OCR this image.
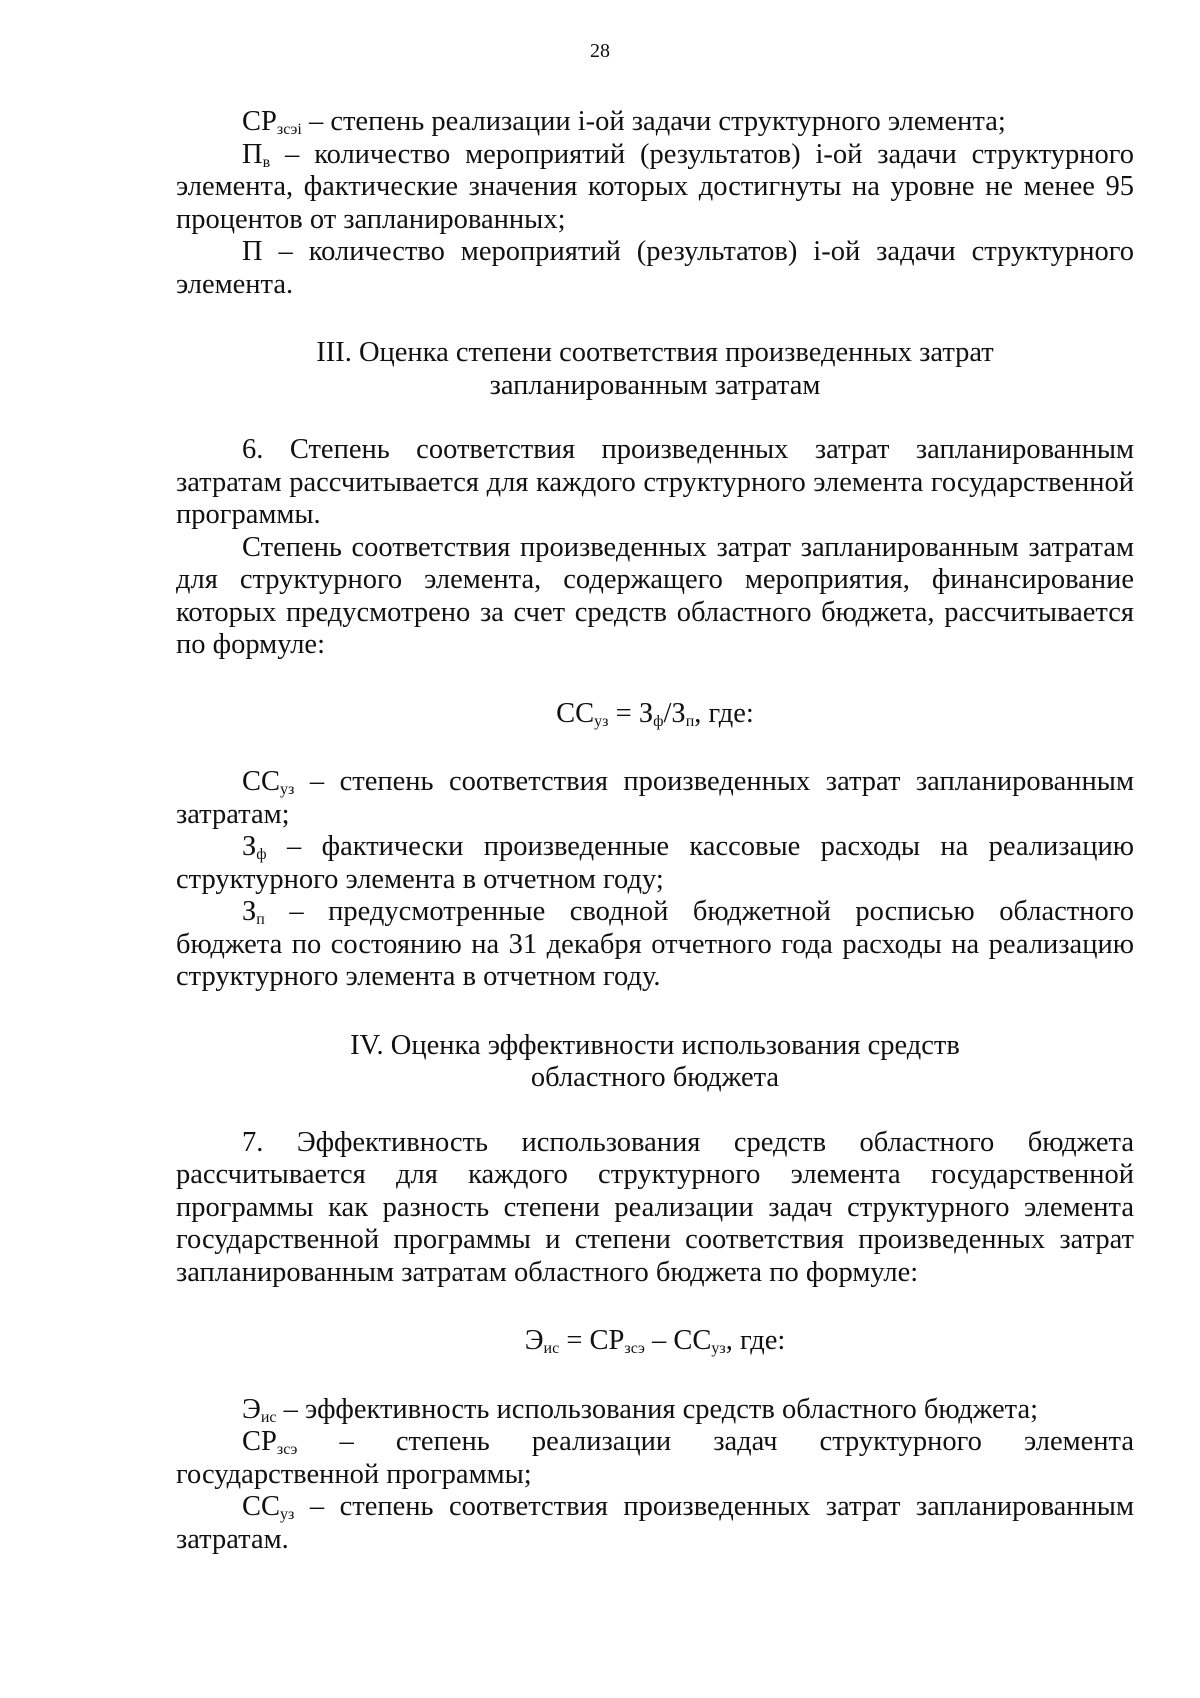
28

$СР_{зсэi}$ – степень реализации i-ой задачи структурного элемента;

$П_в$ – количество мероприятий (результатов) i-ой задачи структурного элемента, фактические значения которых достигнуты на уровне не менее 95 процентов от запланированных;

П – количество мероприятий (результатов) i-ой задачи структурного элемента.

III. Оценка степени соответствия произведенных затрат
запланированным затратам

6. Степень соответствия произведенных затрат запланированным затратам рассчитывается для каждого структурного элемента государственной программы.

Степень соответствия произведенных затрат запланированным затратам для структурного элемента, содержащего мероприятия, финансирование которых предусмотрено за счет средств областного бюджета, рассчитывается по формуле:

$СС_{уз} = З_ф/З_п$, где:

$СС_{уз}$ – степень соответствия произведенных затрат запланированным затратам;

$З_ф$ – фактически произведенные кассовые расходы на реализацию структурного элемента в отчетном году;

$З_п$ – предусмотренные сводной бюджетной росписью областного бюджета по состоянию на 31 декабря отчетного года расходы на реализацию структурного элемента в отчетном году.

IV. Оценка эффективности использования средств
областного бюджета

7. Эффективность использования средств областного бюджета рассчитывается для каждого структурного элемента государственной программы как разность степени реализации задач структурного элемента государственной программы и степени соответствия произведенных затрат запланированным затратам областного бюджета по формуле:

$Э_{ис} = СР_{зсэ} - СС_{уз}$, где:

$Э_{ис}$ – эффективность использования средств областного бюджета;

$СР_{зсэ}$ – степень реализации задач структурного элемента государственной программы;

$СС_{уз}$ – степень соответствия произведенных затрат запланированным затратам.
